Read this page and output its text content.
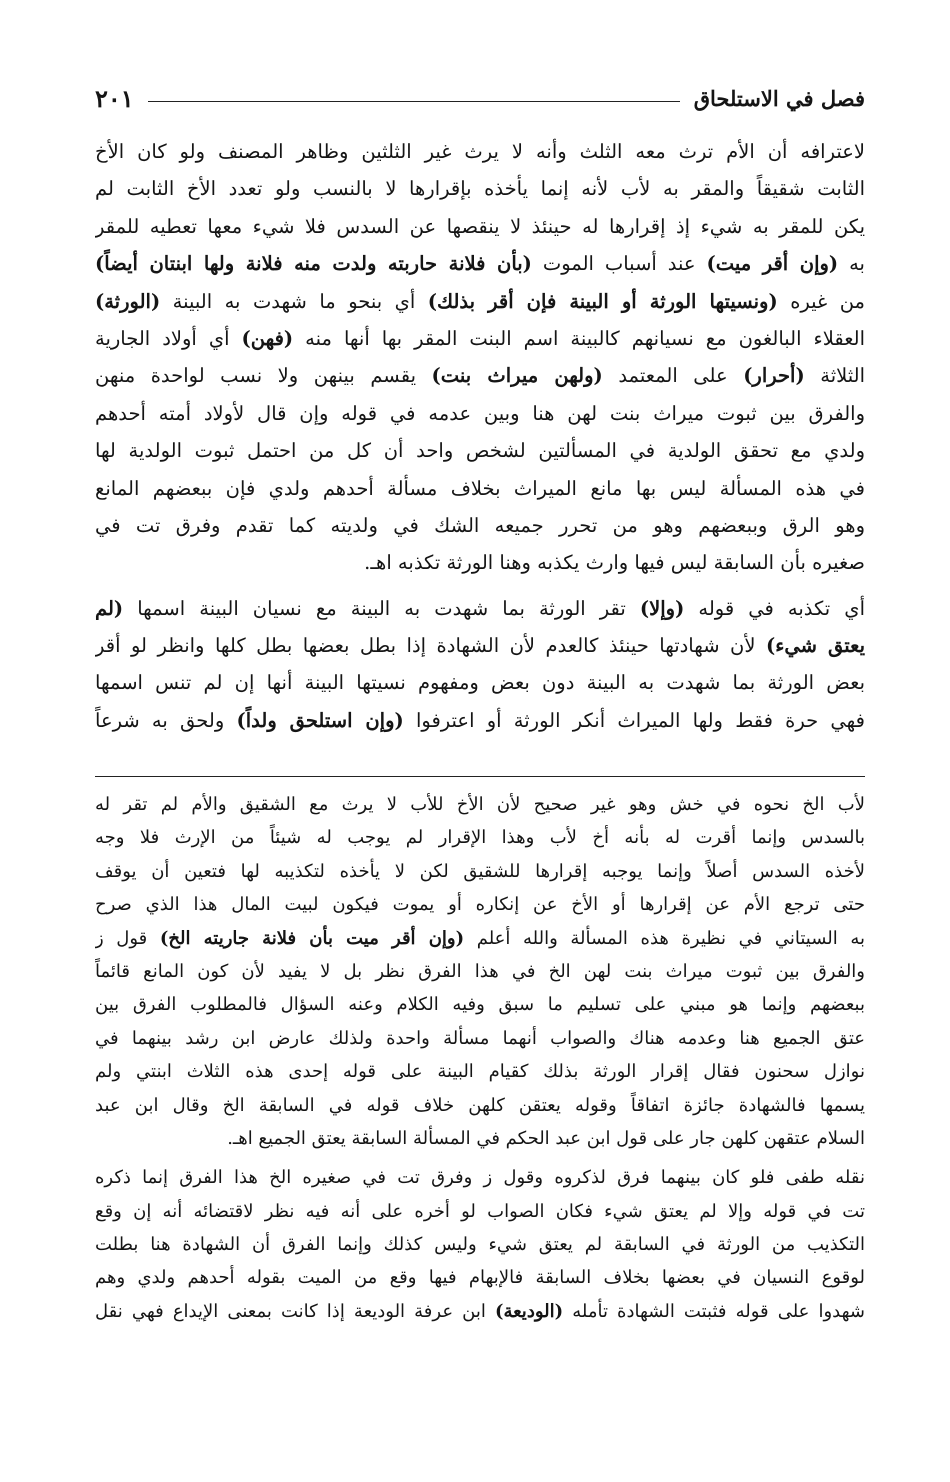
فصل في الاستلحاق
٢٠١
لاعترافه أن الأم ترث معه الثلث وأنه لا يرث غير الثلثين وظاهر المصنف ولو كان الأخ
الثابت شقيقاً والمقر به لأب لأنه إنما يأخذه بإقرارها لا بالنسب ولو تعدد الأخ الثابت لم
يكن للمقر به شيء إذ إقرارها له حينئذ لا ينقصها عن السدس فلا شيء معها تعطيه للمقر
به (وإن أقر ميت) عند أسباب الموت (بأن فلانة حاربته ولدت منه فلانة ولها ابنتان أيضاً)
من غيره (ونسيتها الورثة أو البينة فإن أقر بذلك) أي بنحو ما شهدت به البينة (الورثة)
العقلاء البالغون مع نسيانهم كالبينة اسم البنت المقر بها أنها منه (فهن) أي أولاد الجارية
الثلاثة (أحرار) على المعتمد (ولهن ميراث بنت) يقسم بينهن ولا نسب لواحدة منهن
والفرق بين ثبوت ميراث بنت لهن هنا وبين عدمه في قوله وإن قال لأولاد أمته أحدهم
ولدي مع تحقق الولدية في المسألتين لشخص واحد أن كل من احتمل ثبوت الولدية لها
في هذه المسألة ليس بها مانع الميراث بخلاف مسألة أحدهم ولدي فإن ببعضهم المانع
وهو الرق وببعضهم وهو من تحرر جميعه الشك في ولديته كما تقدم وفرق تت في
صغيره بأن السابقة ليس فيها وارث يكذبه وهنا الورثة تكذبه اهـ.
أي تكذبه في قوله (وإلا) تقر الورثة بما شهدت به البينة مع نسيان البينة اسمها (لم
يعتق شيء) لأن شهادتها حينئذ كالعدم لأن الشهادة إذا بطل بعضها بطل كلها وانظر لو أقر
بعض الورثة بما شهدت به البينة دون بعض ومفهوم نسيتها البينة أنها إن لم تنس اسمها
فهي حرة فقط ولها الميراث أنكر الورثة أو اعترفوا (وإن استلحق ولداً) ولحق به شرعاً
لأب الخ نحوه في خش وهو غير صحيح لأن الأخ للأب لا يرث مع الشقيق والأم لم تقر له
بالسدس وإنما أقرت له بأنه أخ لأب وهذا الإقرار لم يوجب له شيئاً من الإرث فلا وجه
لأخذه السدس أصلاً وإنما يوجبه إقرارها للشقيق لكن لا يأخذه لتكذيبه لها فتعين أن يوقف
حتى ترجع الأم عن إقرارها أو الأخ عن إنكاره أو يموت فيكون لبيت المال هذا الذي صرح
به السيتاني في نظيرة هذه المسألة والله أعلم (وإن أقر ميت بأن فلانة جاريته الخ) قول ز
والفرق بين ثبوت ميراث بنت لهن الخ في هذا الفرق نظر بل لا يفيد لأن كون المانع قائماً
ببعضهم وإنما هو مبني على تسليم ما سبق وفيه الكلام وعنه السؤال فالمطلوب الفرق بين
عتق الجميع هنا وعدمه هناك والصواب أنهما مسألة واحدة ولذلك عارض ابن رشد بينهما في
نوازل سحنون فقال إقرار الورثة بذلك كقيام البينة على قوله إحدى هذه الثلاث ابنتي ولم
يسمها فالشهادة جائزة اتفاقاً وقوله يعتقن كلهن خلاف قوله في السابقة الخ وقال ابن عبد
السلام عتقهن كلهن جار على قول ابن عبد الحكم في المسألة السابقة يعتق الجميع اهـ.
نقله طفى فلو كان بينهما فرق لذكروه وقول ز وفرق تت في صغيره الخ هذا الفرق إنما ذكره
تت في قوله وإلا لم يعتق شيء فكان الصواب لو أخره على أنه فيه نظر لاقتضائه أنه إن وقع
التكذيب من الورثة في السابقة لم يعتق شيء وليس كذلك وإنما الفرق أن الشهادة هنا بطلت
لوقوع النسيان في بعضها بخلاف السابقة فالإبهام فيها وقع من الميت بقوله أحدهم ولدي وهم
شهدوا على قوله فثبتت الشهادة تأمله (الوديعة) ابن عرفة الوديعة إذا كانت بمعنى الإيداع فهي نقل
